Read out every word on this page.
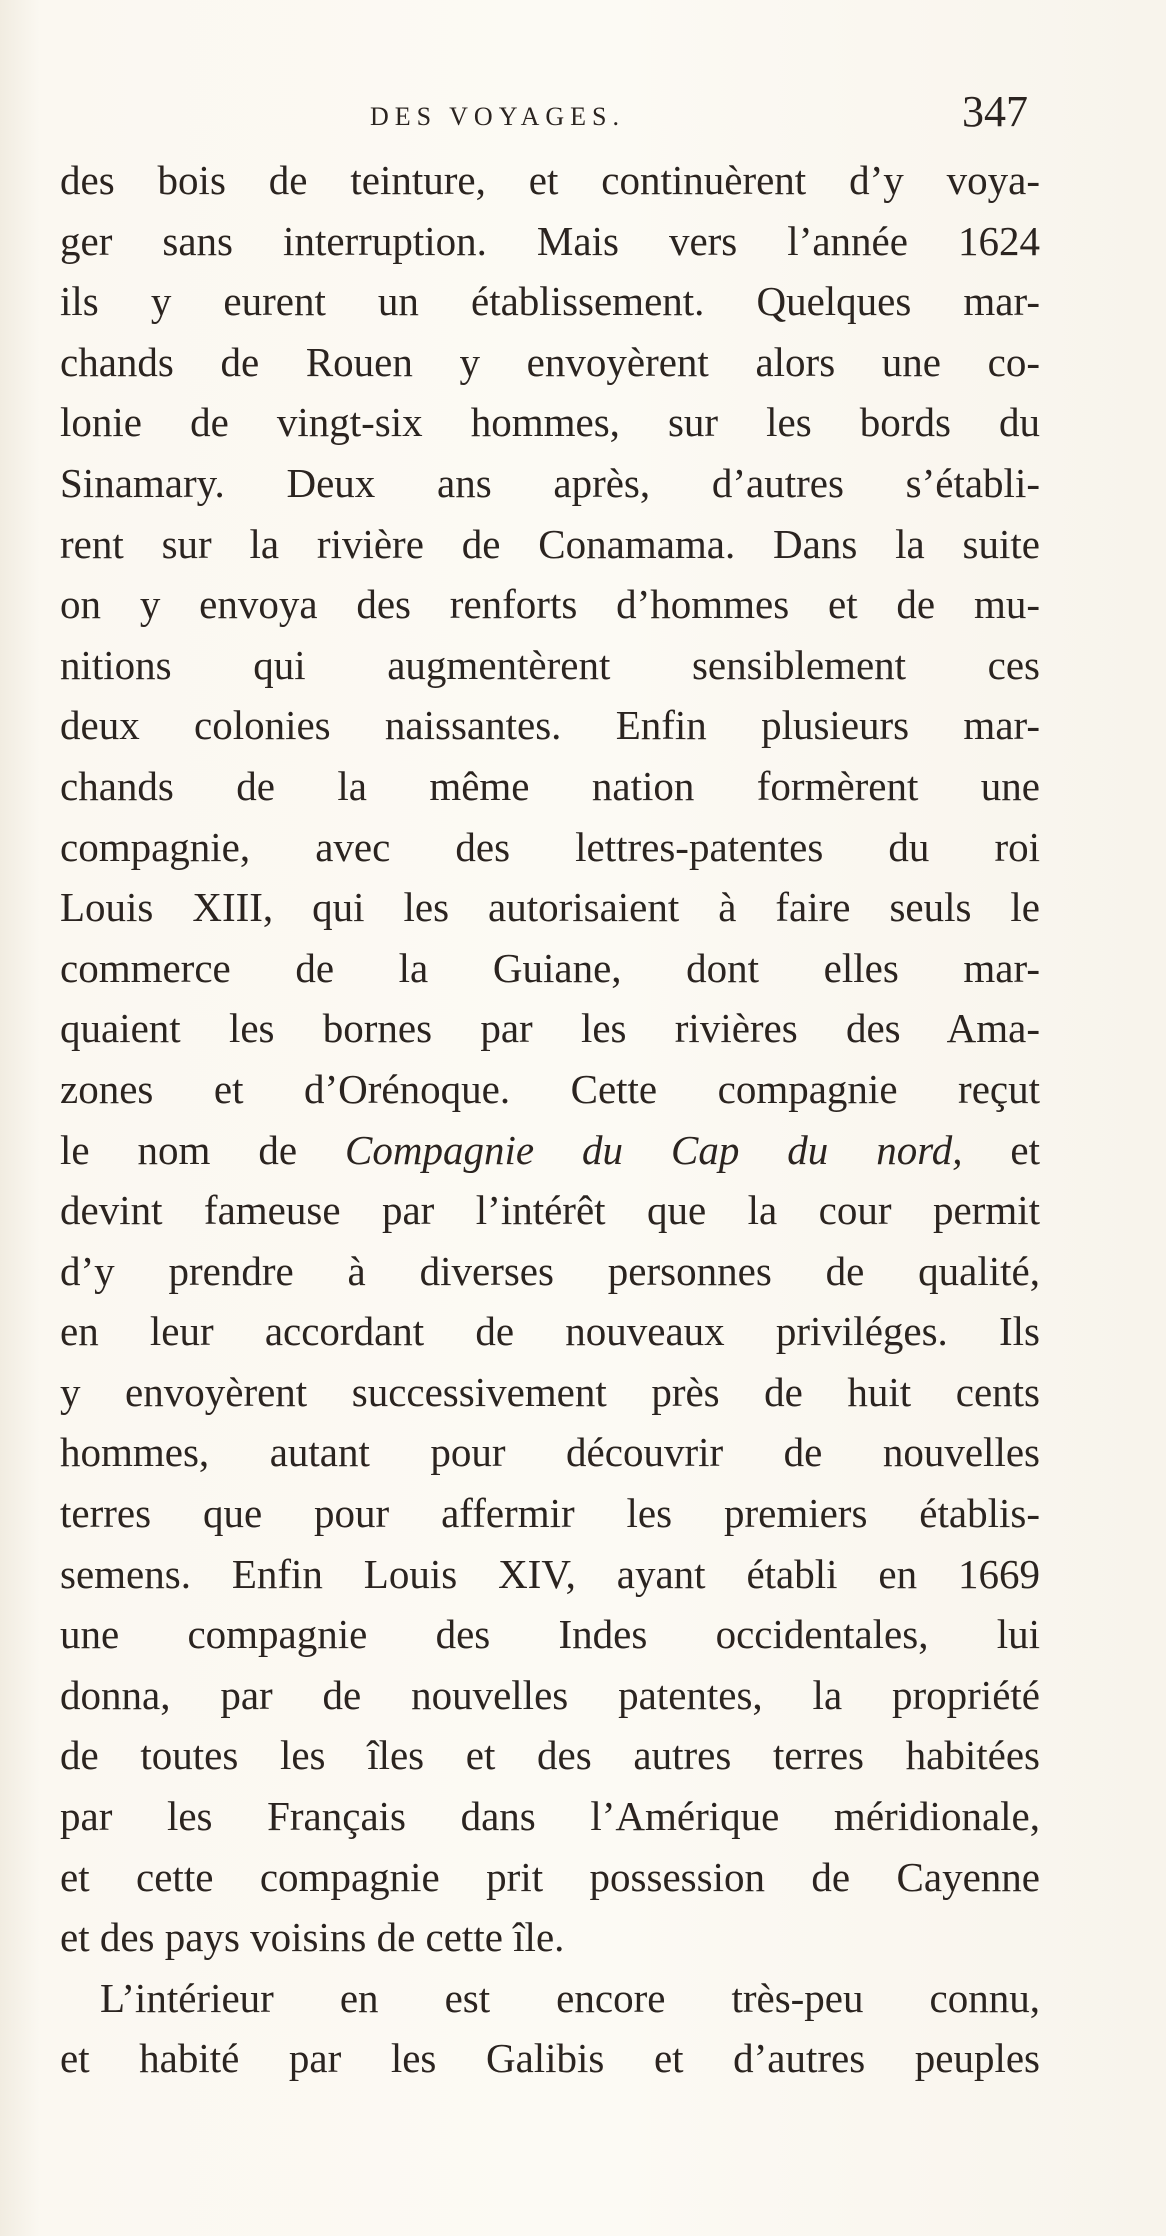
DES VOYAGES.	347
des bois de teinture, et continuèrent d’y voya-
ger sans interruption. Mais vers l’année 1624
ils y eurent un établissement. Quelques mar-
chands de Rouen y envoyèrent alors une co-
lonie de vingt-six hommes, sur les bords du
Sinamary. Deux ans après, d’autres s’établi-
rent sur la rivière de Conamama. Dans la suite
on y envoya des renforts d’hommes et de mu-
nitions qui augmentèrent sensiblement ces
deux colonies naissantes. Enfin plusieurs mar-
chands de la même nation formèrent une
compagnie, avec des lettres-patentes du roi
Louis XIII, qui les autorisaient à faire seuls le
commerce de la Guiane, dont elles mar-
quaient les bornes par les rivières des Ama-
zones et d’Orénoque. Cette compagnie reçut
le nom de Compagnie du Cap du nord, et
devint fameuse par l’intérêt que la cour permit
d’y prendre à diverses personnes de qualité,
en leur accordant de nouveaux priviléges. Ils
y envoyèrent successivement près de huit cents
hommes, autant pour découvrir de nouvelles
terres que pour affermir les premiers établis-
semens. Enfin Louis XIV, ayant établi en 1669
une compagnie des Indes occidentales, lui
donna, par de nouvelles patentes, la propriété
de toutes les îles et des autres terres habitées
par les Français dans l’Amérique méridionale,
et cette compagnie prit possession de Cayenne
et des pays voisins de cette île.
L’intérieur en est encore très-peu connu,
et habité par les Galibis et d’autres peuples
